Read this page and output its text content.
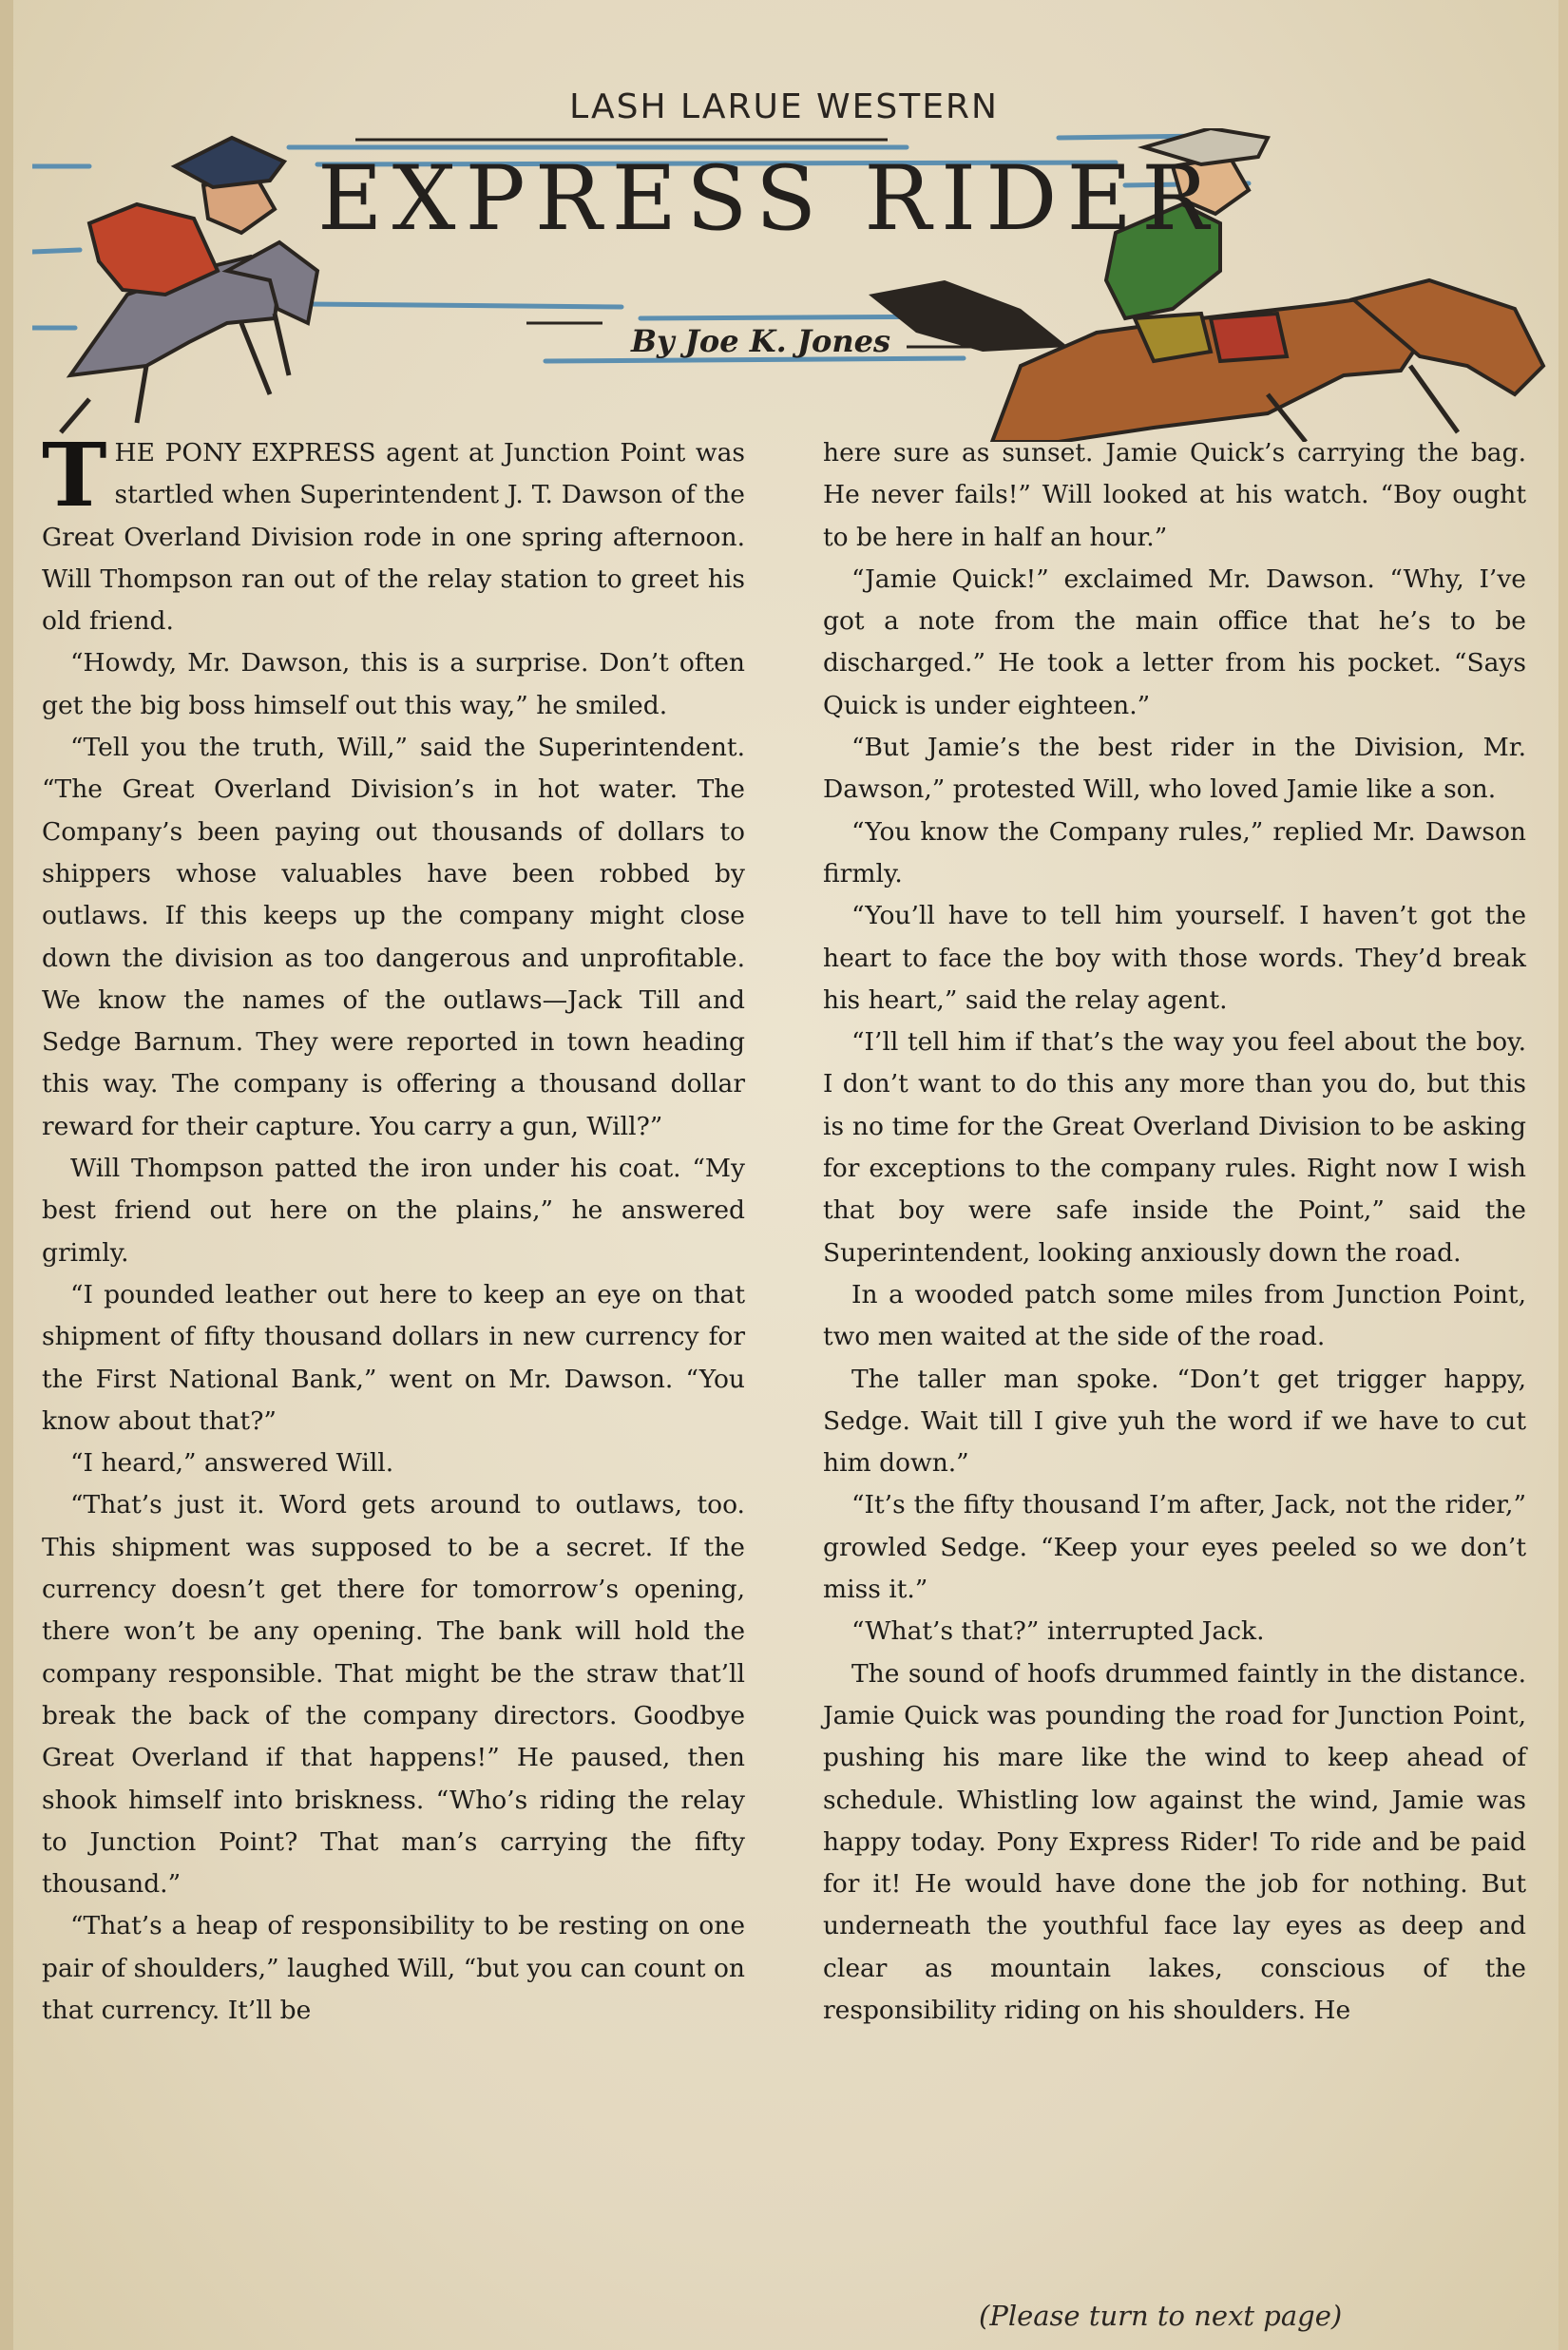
LASH LARUE WESTERN
EXPRESS RIDER
By Joe K. Jones

THE PONY EXPRESS agent at Junction Point was startled when Superintendent J. T. Dawson of the Great Overland Division rode in one spring afternoon. Will Thompson ran out of the relay station to greet his old friend.

“Howdy, Mr. Dawson, this is a surprise. Don’t often get the big boss himself out this way,” he smiled.

“Tell you the truth, Will,” said the Superintendent. “The Great Overland Division’s in hot water. The Company’s been paying out thousands of dollars to shippers whose valuables have been robbed by outlaws. If this keeps up the company might close down the division as too dangerous and unprofitable. We know the names of the outlaws—Jack Till and Sedge Barnum. They were reported in town heading this way. The company is offering a thousand dollar reward for their capture. You carry a gun, Will?”

Will Thompson patted the iron under his coat. “My best friend out here on the plains,” he answered grimly.

“I pounded leather out here to keep an eye on that shipment of fifty thousand dollars in new currency for the First National Bank,” went on Mr. Dawson. “You know about that?”

“I heard,” answered Will.

“That’s just it. Word gets around to outlaws, too. This shipment was supposed to be a secret. If the currency doesn’t get there for tomorrow’s opening, there won’t be any opening. The bank will hold the company responsible. That might be the straw that’ll break the back of the company directors. Goodbye Great Overland if that happens!” He paused, then shook himself into briskness. “Who’s riding the relay to Junction Point? That man’s carrying the fifty thousand.”

“That’s a heap of responsibility to be resting on one pair of shoulders,” laughed Will, “but you can count on that currency. It’ll be

here sure as sunset. Jamie Quick’s carrying the bag. He never fails!” Will looked at his watch. “Boy ought to be here in half an hour.”

“Jamie Quick!” exclaimed Mr. Dawson. “Why, I’ve got a note from the main office that he’s to be discharged.” He took a letter from his pocket. “Says Quick is under eighteen.”

“But Jamie’s the best rider in the Division, Mr. Dawson,” protested Will, who loved Jamie like a son.

“You know the Company rules,” replied Mr. Dawson firmly.

“You’ll have to tell him yourself. I haven’t got the heart to face the boy with those words. They’d break his heart,” said the relay agent.

“I’ll tell him if that’s the way you feel about the boy. I don’t want to do this any more than you do, but this is no time for the Great Overland Division to be asking for exceptions to the company rules. Right now I wish that boy were safe inside the Point,” said the Superintendent, looking anxiously down the road.

In a wooded patch some miles from Junction Point, two men waited at the side of the road.

The taller man spoke. “Don’t get trigger happy, Sedge. Wait till I give yuh the word if we have to cut him down.”

“It’s the fifty thousand I’m after, Jack, not the rider,” growled Sedge. “Keep your eyes peeled so we don’t miss it.”

“What’s that?” interrupted Jack.

The sound of hoofs drummed faintly in the distance. Jamie Quick was pounding the road for Junction Point, pushing his mare like the wind to keep ahead of schedule. Whistling low against the wind, Jamie was happy today. Pony Express Rider! To ride and be paid for it! He would have done the job for nothing. But underneath the youthful face lay eyes as deep and clear as mountain lakes, conscious of the responsibility riding on his shoulders. He

(Please turn to next page)
